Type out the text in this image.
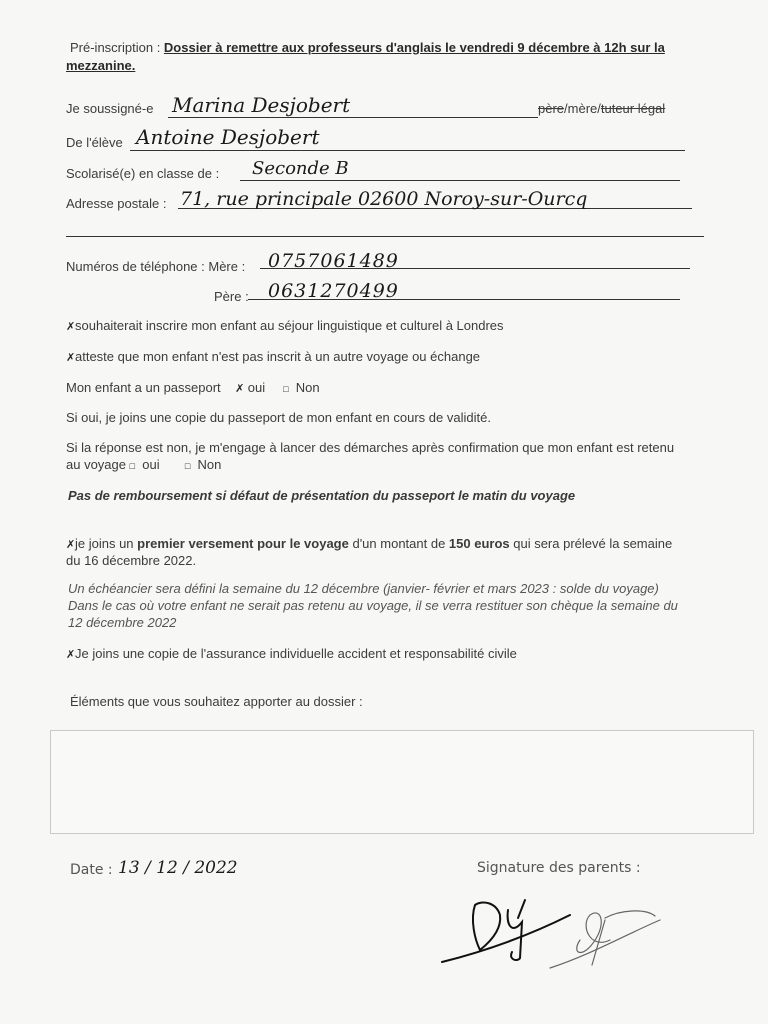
Pré-inscription : Dossier à remettre aux professeurs d'anglais le vendredi 9 décembre à 12h sur la
mezzanine.
Je soussigné-e Marina Desjobert	père/mère/tuteur légal
De l'élève Antoine Desjobert
Scolarisé(e) en classe de : Seconde B
Adresse postale : 71, rue principale 02600 Noroy-sur-Ourcq
Numéros de téléphone : Mère : 0757061489
Père : 0631270499
✗souhaiterait inscrire mon enfant au séjour linguistique et culturel à Londres
✗atteste que mon enfant n'est pas inscrit à un autre voyage ou échange
Mon enfant a un passeport ✗ oui □ Non
Si oui, je joins une copie du passeport de mon enfant en cours de validité.
Si la réponse est non, je m'engage à lancer des démarches après confirmation que mon enfant est retenu
au voyage □ oui	□ Non
Pas de remboursement si défaut de présentation du passeport le matin du voyage
✗je joins un premier versement pour le voyage d'un montant de 150 euros qui sera prélevé la semaine
du 16 décembre 2022.
Un échéancier sera défini la semaine du 12 décembre (janvier- février et mars 2023 : solde du voyage)
Dans le cas où votre enfant ne serait pas retenu au voyage, il se verra restituer son chèque la semaine du
12 décembre 2022
✗Je joins une copie de l'assurance individuelle accident et responsabilité civile
Éléments que vous souhaitez apporter au dossier :
Date : 13 / 12 / 2022	Signature des parents :
